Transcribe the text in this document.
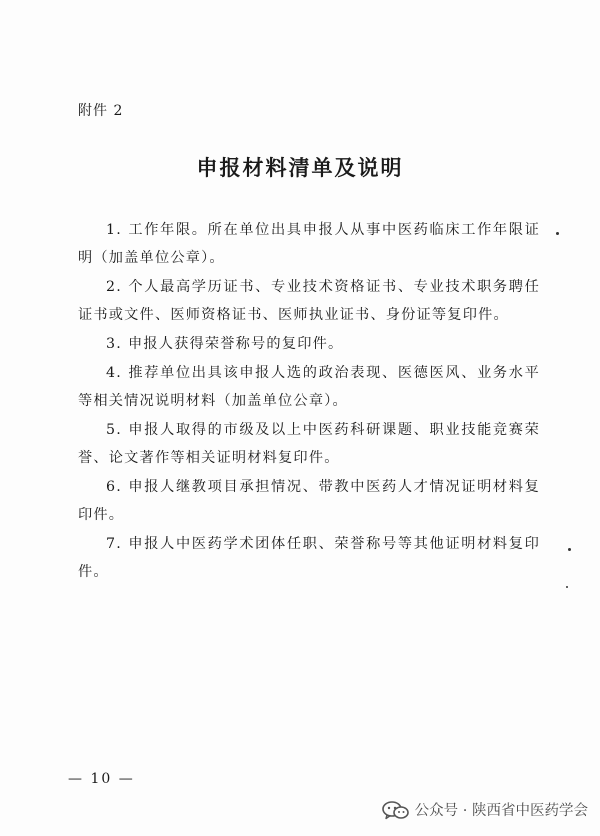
附件 2
申报材料清单及说明
1. 工作年限。所在单位出具申报人从事中医药临床工作年限证明（加盖单位公章）。
2. 个人最高学历证书、专业技术资格证书、专业技术职务聘任证书或文件、医师资格证书、医师执业证书、身份证等复印件。
3. 申报人获得荣誉称号的复印件。
4. 推荐单位出具该申报人选的政治表现、医德医风、业务水平等相关情况说明材料（加盖单位公章）。
5. 申报人取得的市级及以上中医药科研课题、职业技能竞赛荣誉、论文著作等相关证明材料复印件。
6. 申报人继教项目承担情况、带教中医药人才情况证明材料复印件。
7. 申报人中医药学术团体任职、荣誉称号等其他证明材料复印件。
— 10 —
公众号 · 陕西省中医药学会
